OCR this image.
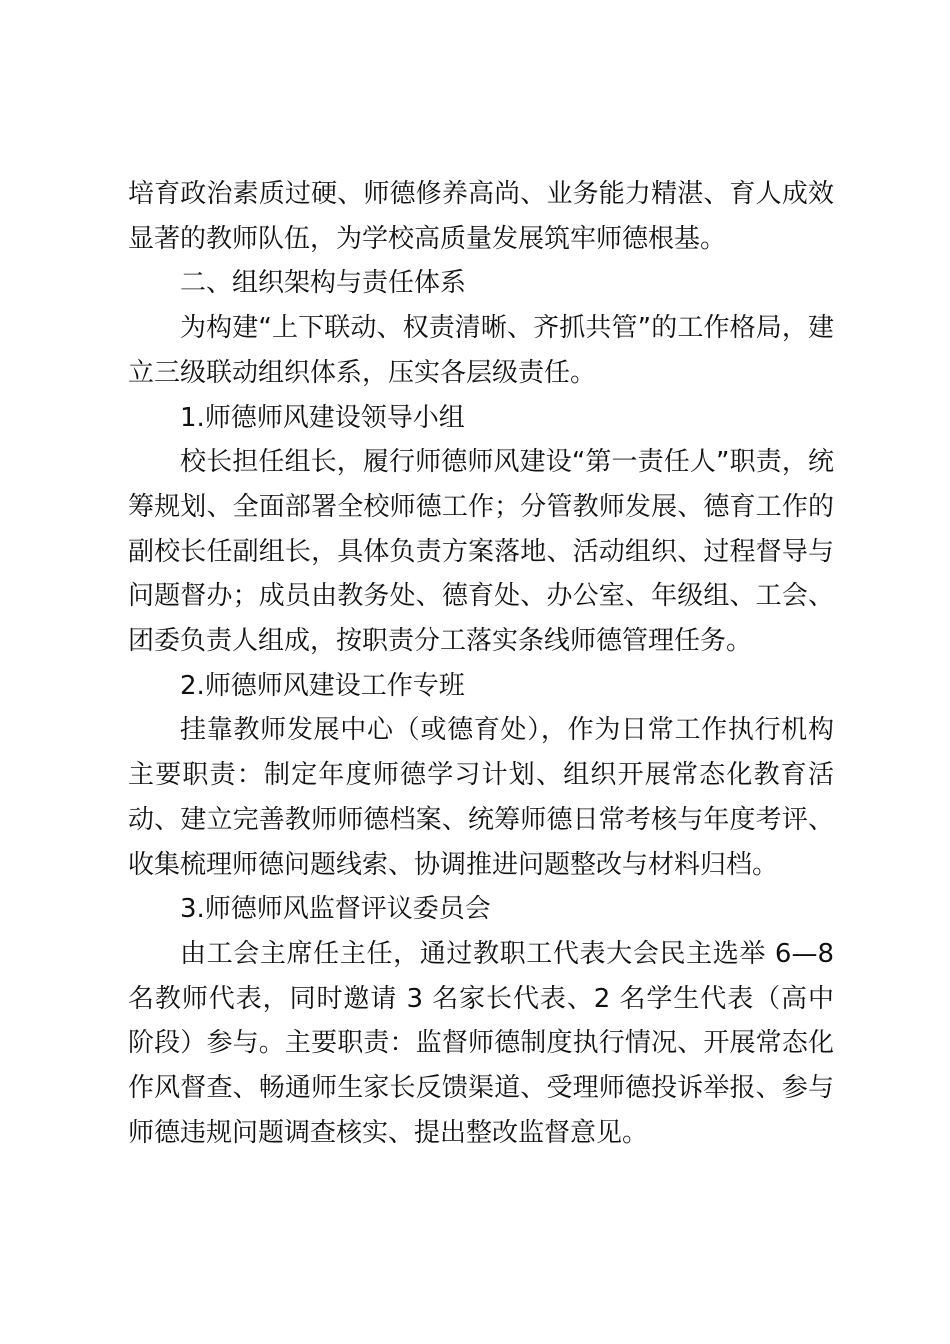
培育政治素质过硬、师德修养高尚、业务能力精湛、育人成效显著的教师队伍，为学校高质量发展筑牢师德根基。

二、组织架构与责任体系

为构建“上下联动、权责清晰、齐抓共管”的工作格局，建立三级联动组织体系，压实各层级责任。

1.师德师风建设领导小组

校长担任组长，履行师德师风建设“第一责任人”职责，统筹规划、全面部署全校师德工作；分管教师发展、德育工作的副校长任副组长，具体负责方案落地、活动组织、过程督导与问题督办；成员由教务处、德育处、办公室、年级组、工会、团委负责人组成，按职责分工落实条线师德管理任务。

2.师德师风建设工作专班

挂靠教师发展中心（或德育处），作为日常工作执行机构主要职责：制定年度师德学习计划、组织开展常态化教育活动、建立完善教师师德档案、统筹师德日常考核与年度考评、收集梳理师德问题线索、协调推进问题整改与材料归档。

3.师德师风监督评议委员会

由工会主席任主任，通过教职工代表大会民主选举 6—8 名教师代表，同时邀请 3 名家长代表、2 名学生代表（高中阶段）参与。主要职责：监督师德制度执行情况、开展常态化作风督查、畅通师生家长反馈渠道、受理师德投诉举报、参与师德违规问题调查核实、提出整改监督意见。
